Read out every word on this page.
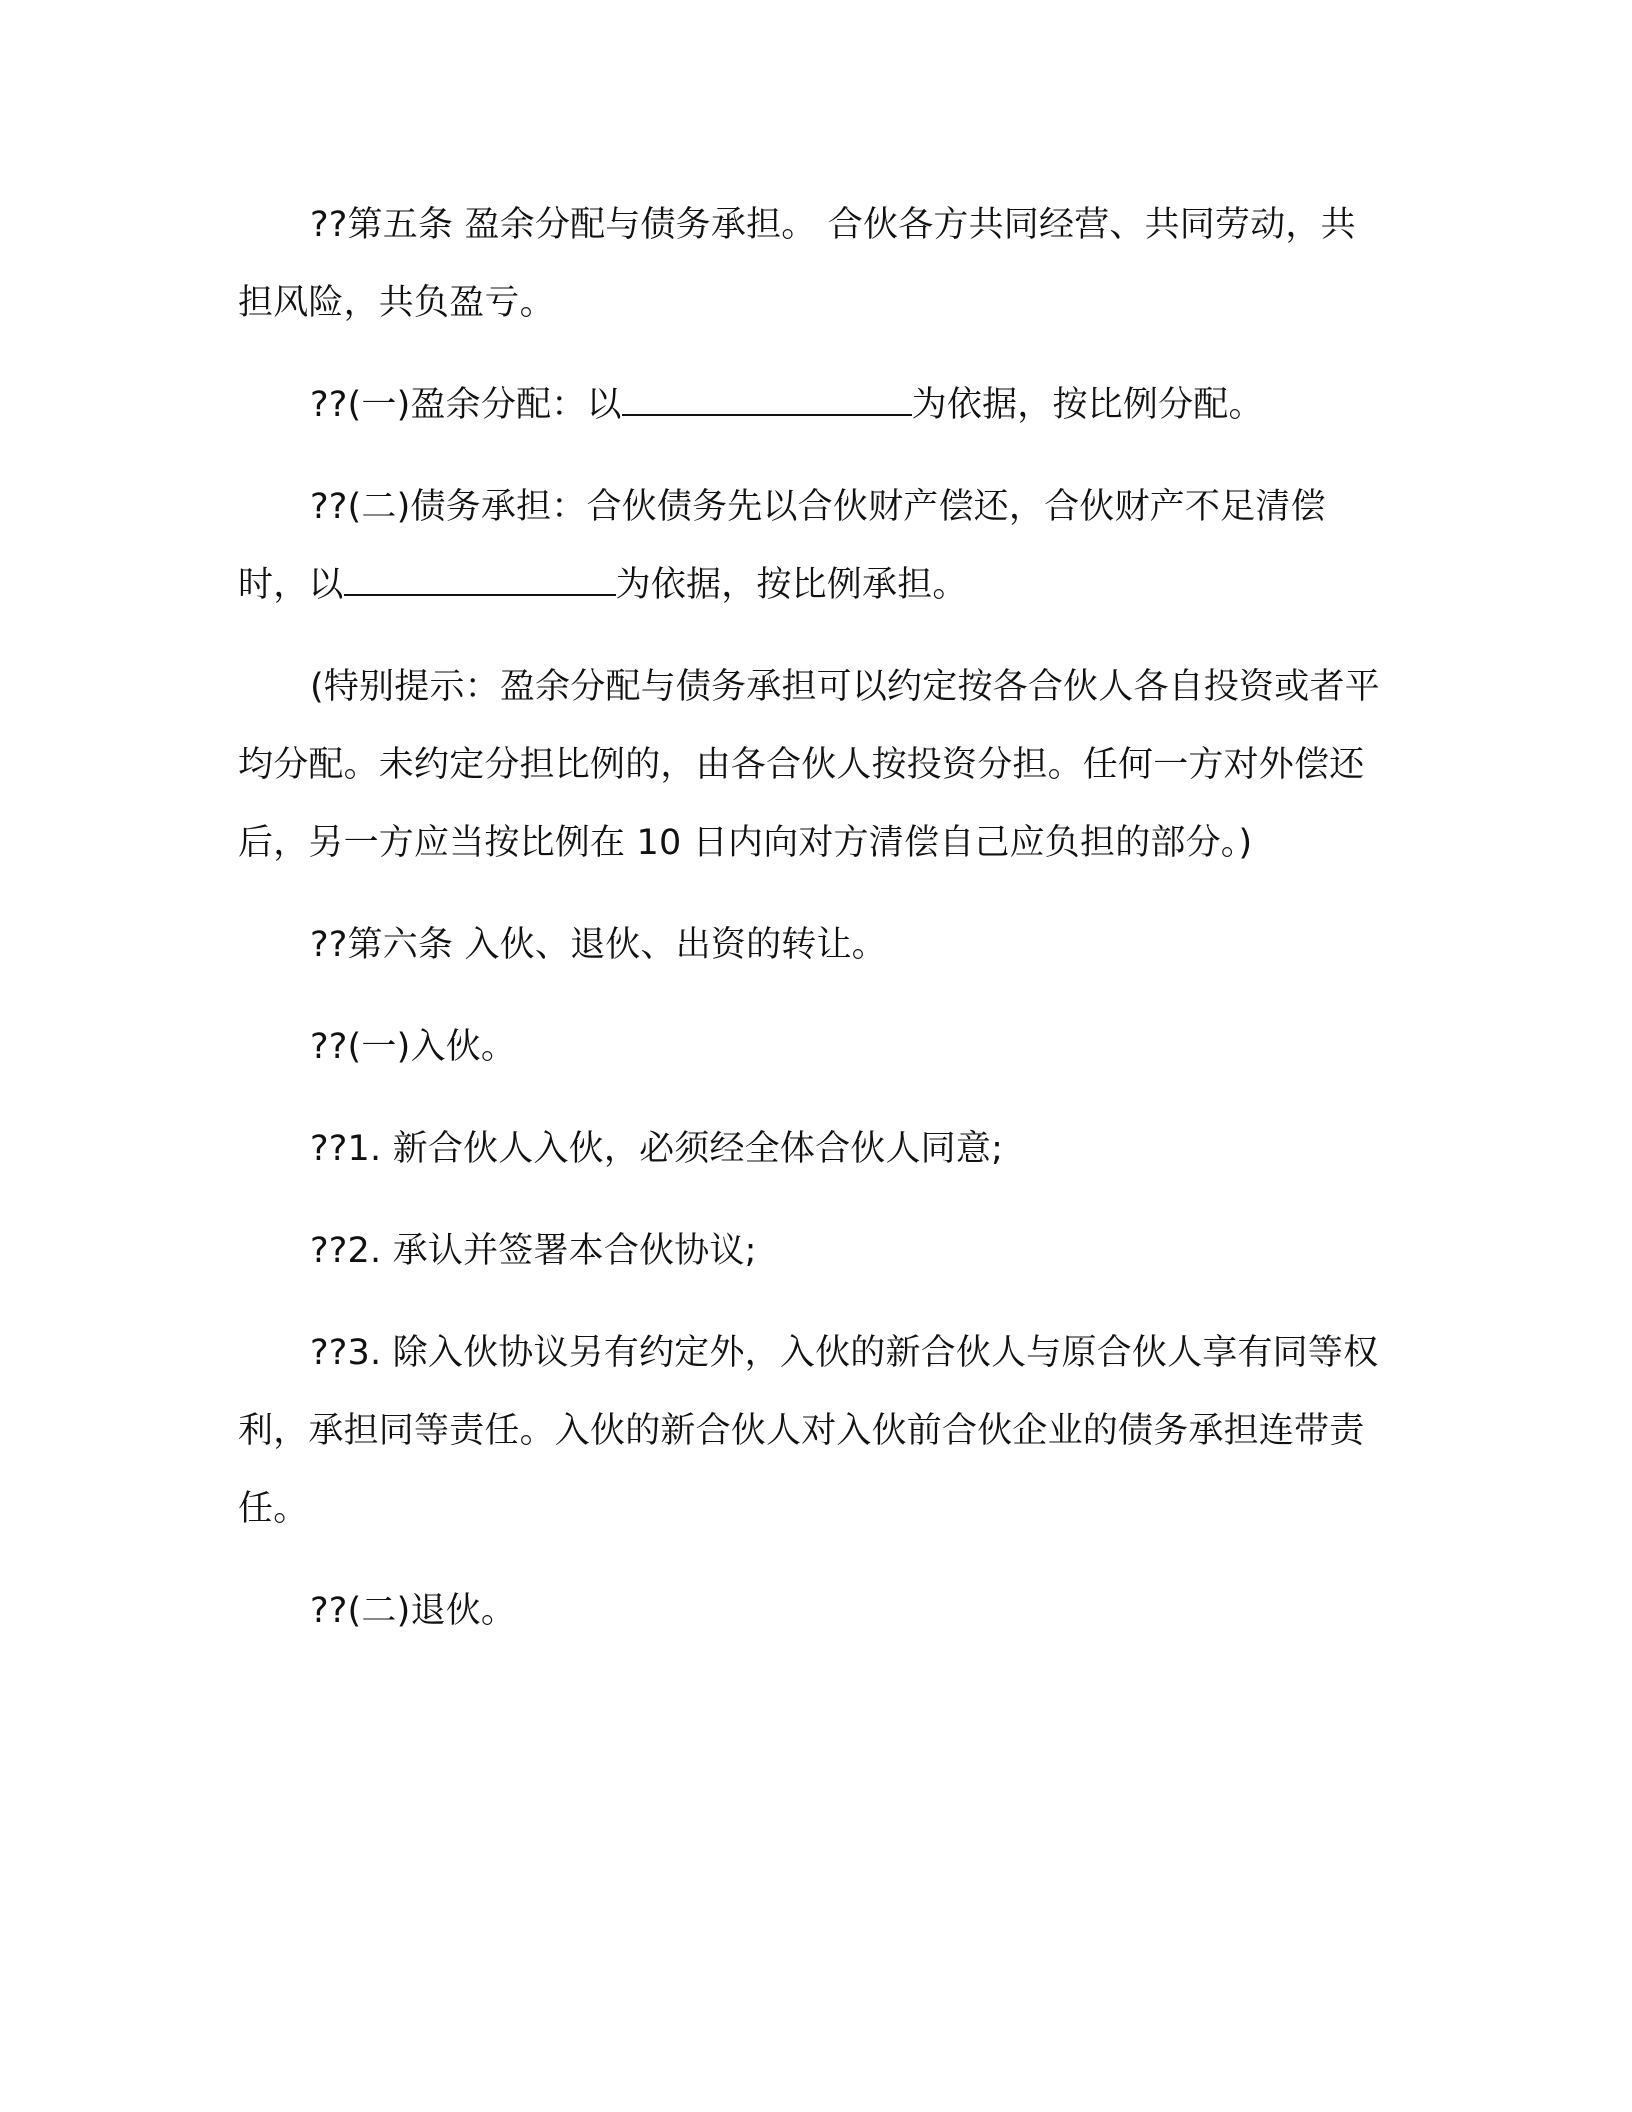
??第五条 盈余分配与债务承担。 合伙各方共同经营、共同劳动，共担风险，共负盈亏。

??(一)盈余分配：以	为依据，按比例分配。

??(二)债务承担：合伙债务先以合伙财产偿还，合伙财产不足清偿时，以	为依据，按比例承担。

(特别提示：盈余分配与债务承担可以约定按各合伙人各自投资或者平均分配。未约定分担比例的，由各合伙人按投资分担。任何一方对外偿还后，另一方应当按比例在 10 日内向对方清偿自己应负担的部分。)

??第六条 入伙、退伙、出资的转让。

??(一)入伙。

??1. 新合伙人入伙，必须经全体合伙人同意;

??2. 承认并签署本合伙协议;

??3. 除入伙协议另有约定外，入伙的新合伙人与原合伙人享有同等权利，承担同等责任。入伙的新合伙人对入伙前合伙企业的债务承担连带责任。

??(二)退伙。
